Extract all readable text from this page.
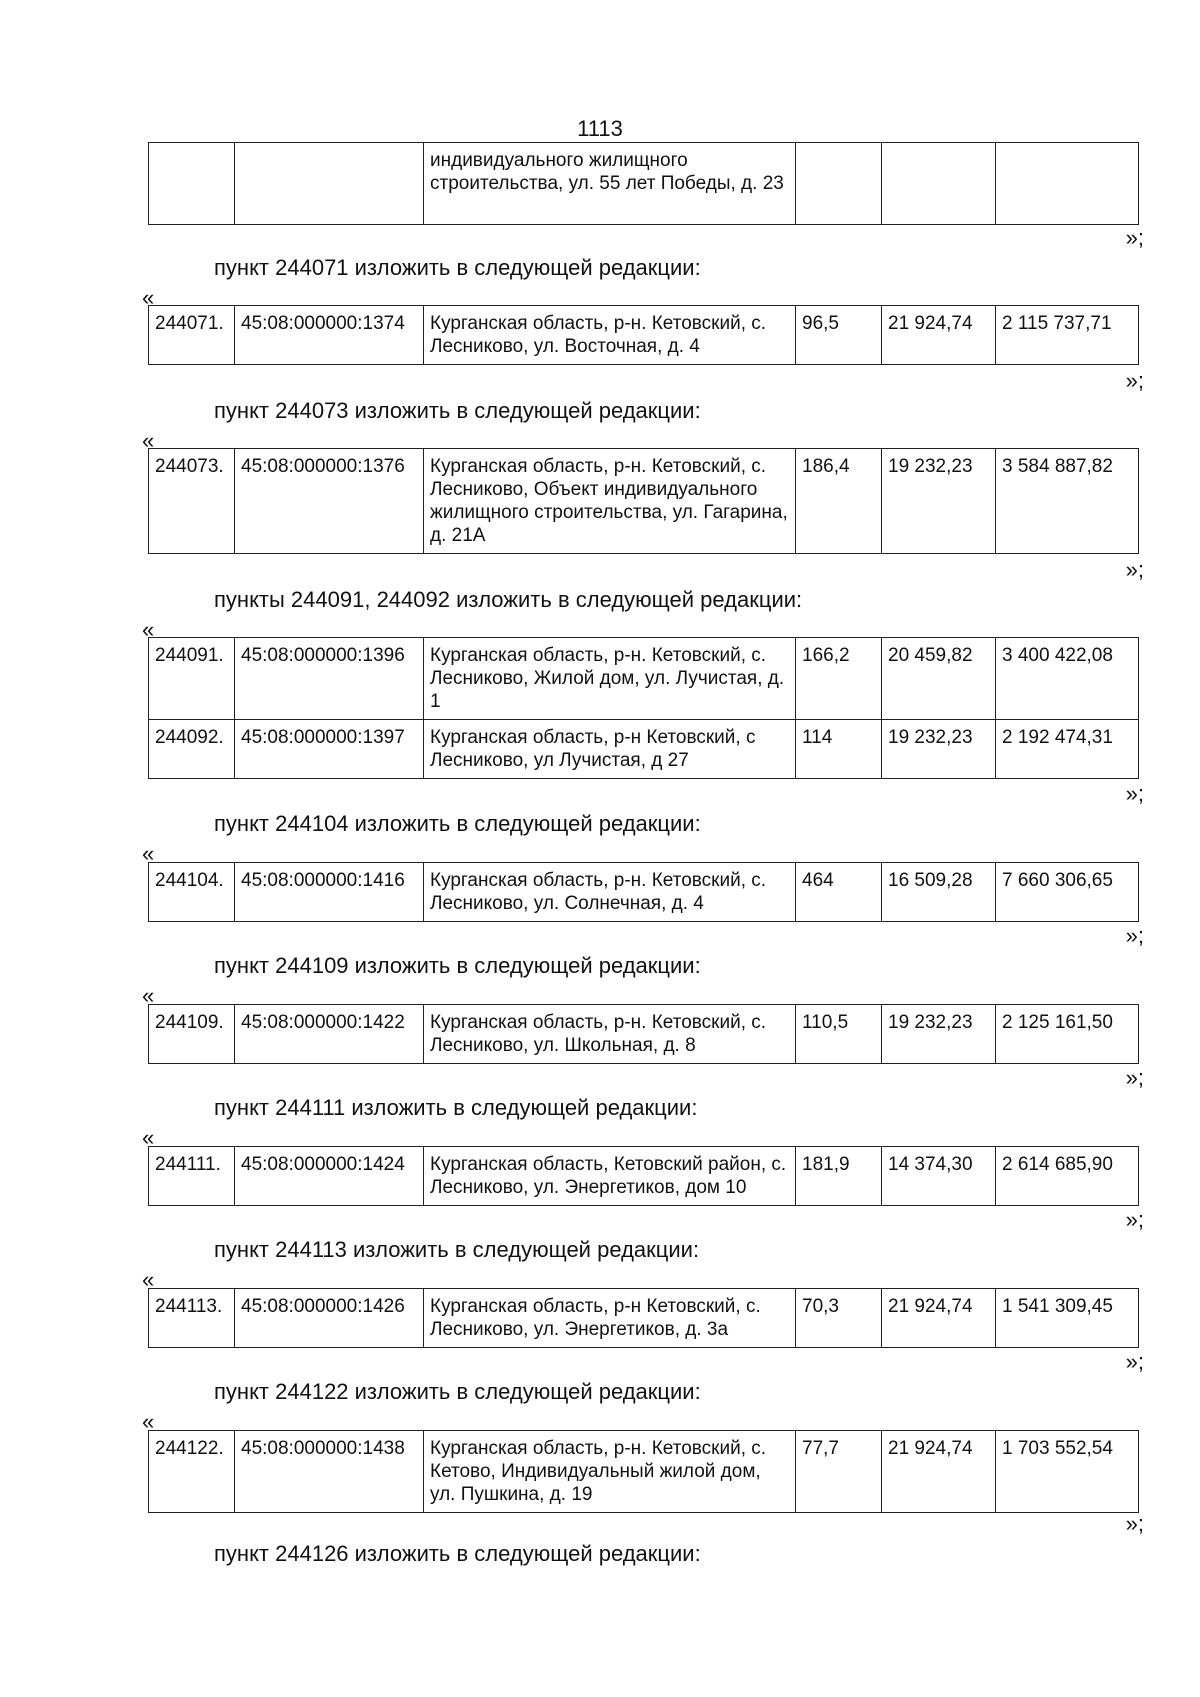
1113
		индивидуального жилищного строительства, ул. 55 лет Победы, д. 23			
»;
пункт 244071 изложить в следующей редакции:
«
244071.	45:08:000000:1374	Курганская область, р-н. Кетовский, с. Лесниково, ул. Восточная, д. 4	96,5	21 924,74	2 115 737,71
»;
пункт 244073 изложить в следующей редакции:
«
244073.	45:08:000000:1376	Курганская область, р-н. Кетовский, с. Лесниково, Объект индивидуального жилищного строительства, ул. Гагарина, д. 21А	186,4	19 232,23	3 584 887,82
»;
пункты 244091, 244092 изложить в следующей редакции:
«
244091.	45:08:000000:1396	Курганская область, р-н. Кетовский, с. Лесниково, Жилой дом, ул. Лучистая, д. 1	166,2	20 459,82	3 400 422,08
244092.	45:08:000000:1397	Курганская область, р-н Кетовский, с Лесниково, ул Лучистая, д 27	114	19 232,23	2 192 474,31
»;
пункт 244104 изложить в следующей редакции:
«
244104.	45:08:000000:1416	Курганская область, р-н. Кетовский, с. Лесниково, ул. Солнечная, д. 4	464	16 509,28	7 660 306,65
»;
пункт 244109 изложить в следующей редакции:
«
244109.	45:08:000000:1422	Курганская область, р-н. Кетовский, с. Лесниково, ул. Школьная, д. 8	110,5	19 232,23	2 125 161,50
»;
пункт 244111 изложить в следующей редакции:
«
244111.	45:08:000000:1424	Курганская область, Кетовский район, с. Лесниково, ул. Энергетиков, дом 10	181,9	14 374,30	2 614 685,90
»;
пункт 244113 изложить в следующей редакции:
«
244113.	45:08:000000:1426	Курганская область, р-н Кетовский, с. Лесниково, ул. Энергетиков, д. 3а	70,3	21 924,74	1 541 309,45
»;
пункт 244122 изложить в следующей редакции:
«
244122.	45:08:000000:1438	Курганская область, р-н. Кетовский, с. Кетово, Индивидуальный жилой дом, ул. Пушкина, д. 19	77,7	21 924,74	1 703 552,54
»;
пункт 244126 изложить в следующей редакции:
